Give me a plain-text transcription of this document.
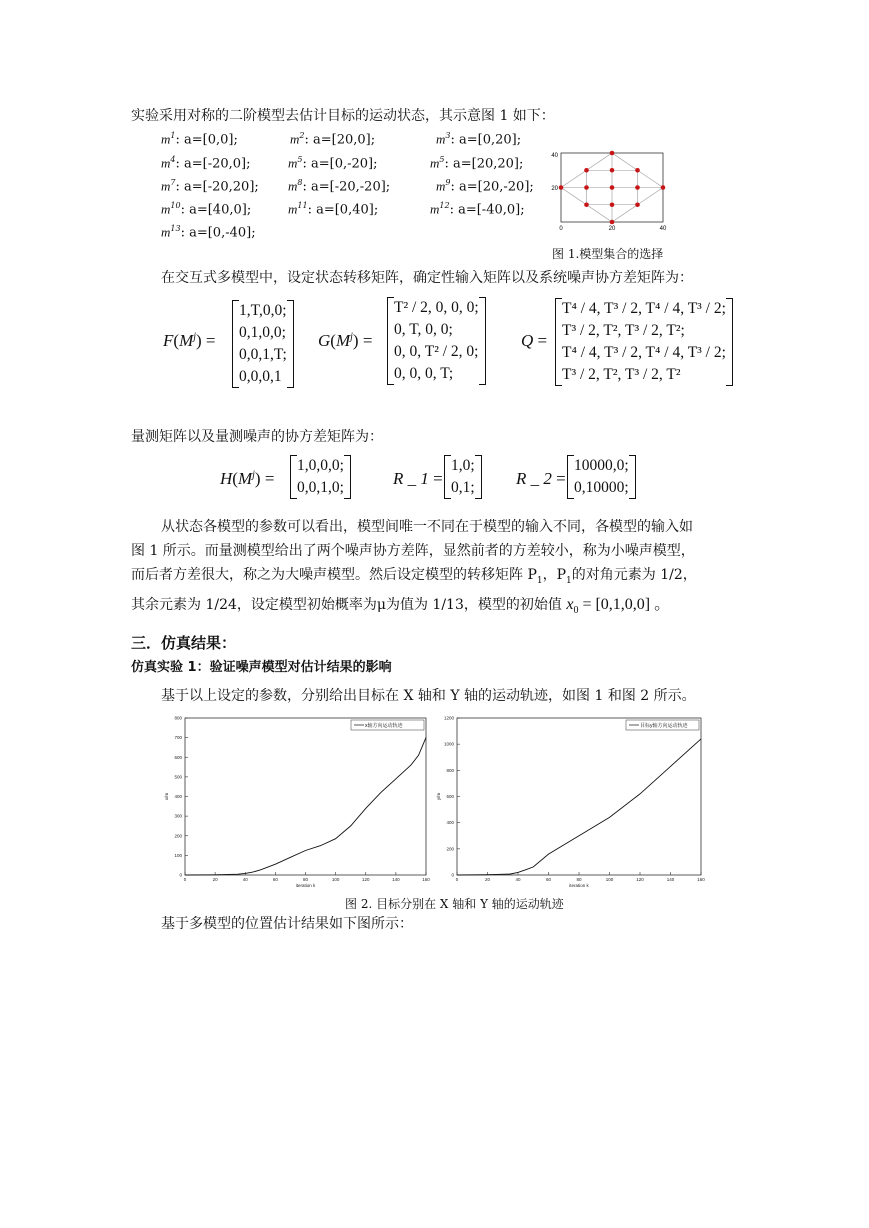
实验采用对称的二阶模型去估计目标的运动状态，其示意图 1 如下：
$m^1$: a=[0,0];	$m^2$: a=[20,0];	$m^3$: a=[0,20];
$m^4$: a=[-20,0];	$m^5$: a=[0,-20];	$m^5$: a=[20,20];
$m^7$: a=[-20,20]; $m^8$: a=[-20,-20];	$m^9$: a=[20,-20];
$m^{10}$: a=[40,0];	$m^{11}$: a=[0,40];	$m^{12}$: a=[-40,0];
$m^{13}$: a=[0,-40];
40
20
0	20	40
图 1.模型集合的选择
在交互式多模型中，设定状态转移矩阵，确定性输入矩阵以及系统噪声协方差矩阵为：
$F(M^j)$ =
1,T,0,0;
0,1,0,0;
0,0,1,T;
0,0,0,1
$G(M^j)$ =
T² / 2, 0, 0, 0;
0, T, 0, 0;
0, 0, T² / 2, 0;
0, 0, 0, T;
Q =
T⁴ / 4, T³ / 2, T⁴ / 4, T³ / 2;
T³ / 2, T², T³ / 2, T²;
T⁴ / 4, T³ / 2, T⁴ / 4, T³ / 2;
T³ / 2, T², T³ / 2, T²
量测矩阵以及量测噪声的协方差矩阵为：
$H(M^j)$ =
1,0,0,0;
0,0,1,0;	R _ 1 =
1,0;
0,1;	R _ 2 =
10000,0;
0,10000;
从状态各模型的参数可以看出，模型间唯一不同在于模型的输入不同，各模型的输入如
图 1 所示。而量测模型给出了两个噪声协方差阵，显然前者的方差较小，称为小噪声模型，
而后者方差很大，称之为大噪声模型。然后设定模型的转移矩阵 $P_1$，$P_1$的对角元素为 1/2，
其余元素为 1/24，设定模型初始概率为μ为值为 1/13，模型的初始值 $x_0 = [0,1,0,0]$ 。
三．仿真结果：
仿真实验 1：验证噪声模型对估计结果的影响
基于以上设定的参数，分别给出目标在 X 轴和 Y 轴的运动轨迹，如图 1 和图 2 所示。
0	20	40	60	80	100	120	140	160
0
100
200
300
400
500
600
700
800
iteration k
x/m
x轴方向运动轨迹
0	20	40	60	80	100	120	140	160
0
200
400
600
800
1000
1200
iteration k
y/m
目标y轴方向运动轨迹
图 2. 目标分别在 X 轴和 Y 轴的运动轨迹
基于多模型的位置估计结果如下图所示：
